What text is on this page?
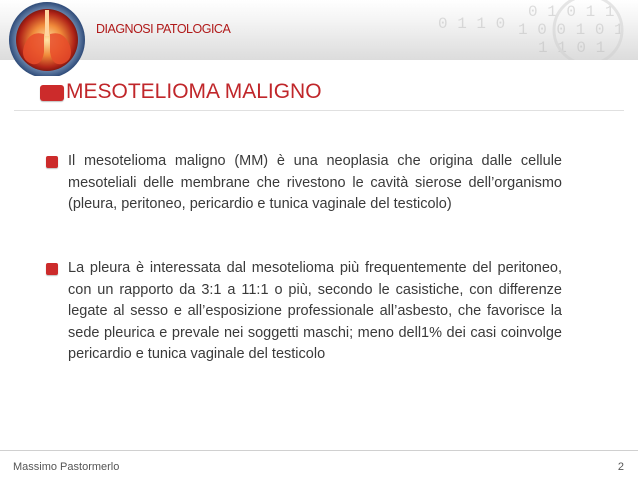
0 1 0 1 1
1 0 0 1 0 1
1 1 0 1
0 1 1 0
DIAGNOSI PATOLOGICA
MESOTELIOMA MALIGNO
Il mesotelioma maligno (MM) è una neoplasia che origina dalle cellule mesoteliali delle membrane che rivestono le cavità sierose dell’organismo (pleura, peritoneo, pericardio e tunica vaginale del testicolo)
La pleura è interessata dal mesotelioma più frequentemente del peritoneo, con un rapporto da 3:1 a 11:1 o più, secondo le casistiche, con differenze legate al sesso e all’esposizione professionale all’asbesto, che favorisce la sede pleurica e prevale nei soggetti maschi; meno dell1% dei casi coinvolge pericardio e tunica vaginale del testicolo
Massimo Pastormerlo	2
